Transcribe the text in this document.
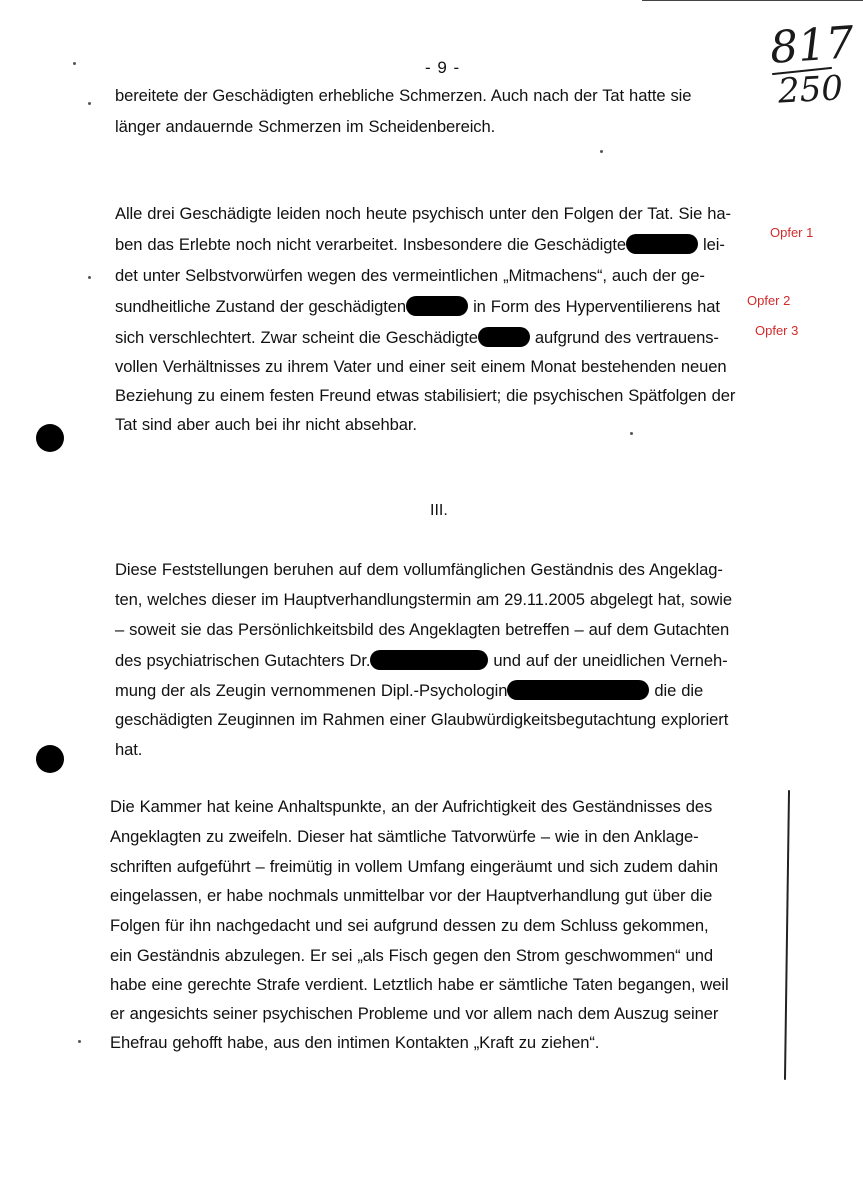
- 9 -	817
250
bereitete der Geschädigten erhebliche Schmerzen. Auch nach der Tat hatte sie
länger andauernde Schmerzen im Scheidenbereich.
Alle drei Geschädigte leiden noch heute psychisch unter den Folgen der Tat. Sie ha-
ben das Erlebte noch nicht verarbeitet. Insbesondere die Geschädigte	lei-
det unter Selbstvorwürfen wegen des vermeintlichen „Mitmachens“, auch der ge-
sundheitliche Zustand der geschädigten	in Form des Hyperventilierens hat
sich verschlechtert. Zwar scheint die Geschädigte	aufgrund des vertrauens-
vollen Verhältnisses zu ihrem Vater und einer seit einem Monat bestehenden neuen
Beziehung zu einem festen Freund etwas stabilisiert; die psychischen Spätfolgen der
Tat sind aber auch bei ihr nicht absehbar.
Opfer 1
Opfer 2
Opfer 3
III.
Diese Feststellungen beruhen auf dem vollumfänglichen Geständnis des Angeklag-
ten, welches dieser im Hauptverhandlungstermin am 29.11.2005 abgelegt hat, sowie
– soweit sie das Persönlichkeitsbild des Angeklagten betreffen – auf dem Gutachten
des psychiatrischen Gutachters Dr.	und auf der uneidlichen Verneh-
mung der als Zeugin vernommenen Dipl.-Psychologin	die die
geschädigten Zeuginnen im Rahmen einer Glaubwürdigkeitsbegutachtung exploriert
hat.
Die Kammer hat keine Anhaltspunkte, an der Aufrichtigkeit des Geständnisses des
Angeklagten zu zweifeln. Dieser hat sämtliche Tatvorwürfe – wie in den Anklage-
schriften aufgeführt – freimütig in vollem Umfang eingeräumt und sich zudem dahin
eingelassen, er habe nochmals unmittelbar vor der Hauptverhandlung gut über die
Folgen für ihn nachgedacht und sei aufgrund dessen zu dem Schluss gekommen,
ein Geständnis abzulegen. Er sei „als Fisch gegen den Strom geschwommen“ und
habe eine gerechte Strafe verdient. Letztlich habe er sämtliche Taten begangen, weil
er angesichts seiner psychischen Probleme und vor allem nach dem Auszug seiner
Ehefrau gehofft habe, aus den intimen Kontakten „Kraft zu ziehen“.
